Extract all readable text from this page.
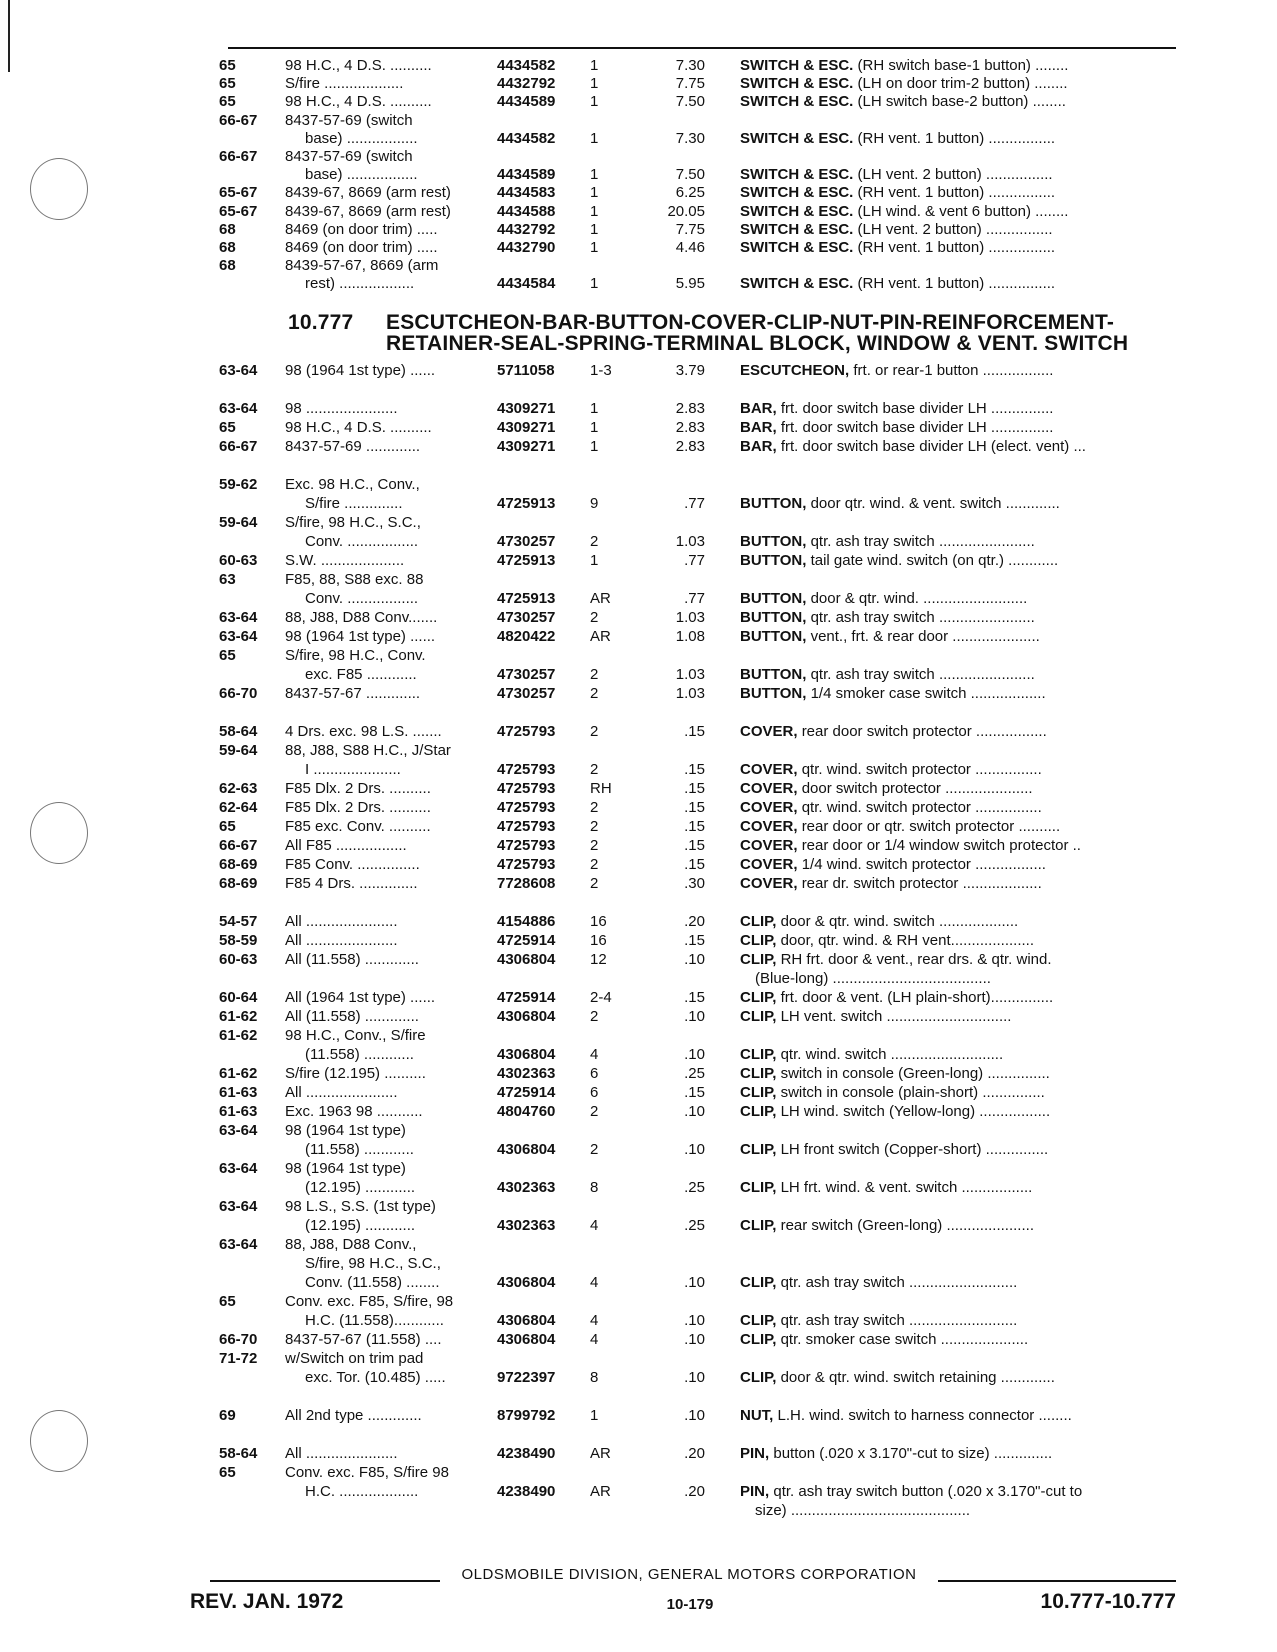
65	98 H.C., 4 D.S. ..........	4434582	1	7.30 SWITCH & ESC. (RH switch base-1 button) ........
65	S/fire ...................	4432792	1	7.75 SWITCH & ESC. (LH on door trim-2 button) ........
65	98 H.C., 4 D.S. ..........	4434589	1	7.50 SWITCH & ESC. (LH switch base-2 button) ........
66-67	8437-57-69 (switch
base) .................	4434582	1	7.30 SWITCH & ESC. (RH vent. 1 button) ................
66-67	8437-57-69 (switch
base) .................	4434589	1	7.50 SWITCH & ESC. (LH vent. 2 button) ................
65-67	8439-67, 8669 (arm rest)	4434583	1	6.25 SWITCH & ESC. (RH vent. 1 button) ................
65-67	8439-67, 8669 (arm rest)	4434588	1	20.05 SWITCH & ESC. (LH wind. & vent 6 button) ........
68	8469 (on door trim) .....	4432792	1	7.75 SWITCH & ESC. (LH vent. 2 button) ................
68	8469 (on door trim) .....	4432790	1	4.46 SWITCH & ESC. (RH vent. 1 button) ................
68	8439-57-67, 8669 (arm
rest) ..................	4434584	1	5.95 SWITCH & ESC. (RH vent. 1 button) ................
10.777 ESCUTCHEON-BAR-BUTTON-COVER-CLIP-NUT-PIN-REINFORCEMENT-
RETAINER-SEAL-SPRING-TERMINAL BLOCK, WINDOW & VENT. SWITCH
63-64	98 (1964 1st type) ......	5711058	1-3	3.79 ESCUTCHEON, frt. or rear-1 button .................
63-64	98 ......................	4309271	1	2.83 BAR, frt. door switch base divider LH ...............
65	98 H.C., 4 D.S. ..........	4309271	1	2.83 BAR, frt. door switch base divider LH ...............
66-67	8437-57-69 .............	4309271	1	2.83 BAR, frt. door switch base divider LH (elect. vent) ...
59-62	Exc. 98 H.C., Conv.,
S/fire ..............	4725913	9	.77 BUTTON, door qtr. wind. & vent. switch .............
59-64	S/fire, 98 H.C., S.C.,
Conv. .................	4730257	2	1.03 BUTTON, qtr. ash tray switch .......................
60-63	S.W. ....................	4725913	1	.77 BUTTON, tail gate wind. switch (on qtr.) ............
63	F85, 88, S88 exc. 88
Conv. .................	4725913	AR	.77 BUTTON, door & qtr. wind. .........................
63-64	88, J88, D88 Conv.......	4730257	2	1.03 BUTTON, qtr. ash tray switch .......................
63-64	98 (1964 1st type) ......	4820422	AR	1.08 BUTTON, vent., frt. & rear door .....................
65	S/fire, 98 H.C., Conv.
exc. F85 ............	4730257	2	1.03 BUTTON, qtr. ash tray switch .......................
66-70	8437-57-67 .............	4730257	2	1.03 BUTTON, 1/4 smoker case switch ..................
58-64	4 Drs. exc. 98 L.S. .......	4725793	2	.15 COVER, rear door switch protector .................
59-64	88, J88, S88 H.C., J/Star
I .....................	4725793	2	.15 COVER, qtr. wind. switch protector ................
62-63	F85 Dlx. 2 Drs. ..........	4725793	RH	.15 COVER, door switch protector .....................
62-64	F85 Dlx. 2 Drs. ..........	4725793	2	.15 COVER, qtr. wind. switch protector ................
65	F85 exc. Conv. ..........	4725793	2	.15 COVER, rear door or qtr. switch protector ..........
66-67	All F85 .................	4725793	2	.15 COVER, rear door or 1/4 window switch protector ..
68-69	F85 Conv. ...............	4725793	2	.15 COVER, 1/4 wind. switch protector .................
68-69	F85 4 Drs. ..............	7728608	2	.30 COVER, rear dr. switch protector ...................
54-57	All ......................	4154886	16	.20 CLIP, door & qtr. wind. switch ...................
58-59	All ......................	4725914	16	.15 CLIP, door, qtr. wind. & RH vent....................
60-63	All (11.558) .............	4306804	12	.10 CLIP, RH frt. door & vent., rear drs. & qtr. wind.
(Blue-long) ......................................
60-64	All (1964 1st type) ......	4725914	2-4	.15 CLIP, frt. door & vent. (LH plain-short)...............
61-62	All (11.558) .............	4306804	2	.10 CLIP, LH vent. switch ..............................
61-62	98 H.C., Conv., S/fire
(11.558) ............	4306804	4	.10 CLIP, qtr. wind. switch ...........................
61-62	S/fire (12.195) ..........	4302363	6	.25 CLIP, switch in console (Green-long) ...............
61-63	All ......................	4725914	6	.15 CLIP, switch in console (plain-short) ...............
61-63	Exc. 1963 98 ...........	4804760	2	.10 CLIP, LH wind. switch (Yellow-long) .................
63-64	98 (1964 1st type)
(11.558) ............	4306804	2	.10 CLIP, LH front switch (Copper-short) ...............
63-64	98 (1964 1st type)
(12.195) ............	4302363	8	.25 CLIP, LH frt. wind. & vent. switch .................
63-64	98 L.S., S.S. (1st type)
(12.195) ............	4302363	4	.25 CLIP, rear switch (Green-long) .....................
63-64	88, J88, D88 Conv.,
S/fire, 98 H.C., S.C.,
Conv. (11.558) ........	4306804	4	.10 CLIP, qtr. ash tray switch ..........................
65	Conv. exc. F85, S/fire, 98
H.C. (11.558)............	4306804	4	.10 CLIP, qtr. ash tray switch ..........................
66-70	8437-57-67 (11.558) ....	4306804	4	.10 CLIP, qtr. smoker case switch .....................
71-72	w/Switch on trim pad
exc. Tor. (10.485) .....	9722397	8	.10 CLIP, door & qtr. wind. switch retaining .............
69	All 2nd type .............	8799792	1	.10 NUT, L.H. wind. switch to harness connector ........
58-64	All ......................	4238490	AR	.20 PIN, button (.020 x 3.170"-cut to size) ..............
65	Conv. exc. F85, S/fire 98
H.C. ...................	4238490	AR	.20 PIN, qtr. ash tray switch button (.020 x 3.170"-cut to
size) ...........................................
OLDSMOBILE DIVISION, GENERAL MOTORS CORPORATION
REV. JAN. 1972	10-179	10.777-10.777
